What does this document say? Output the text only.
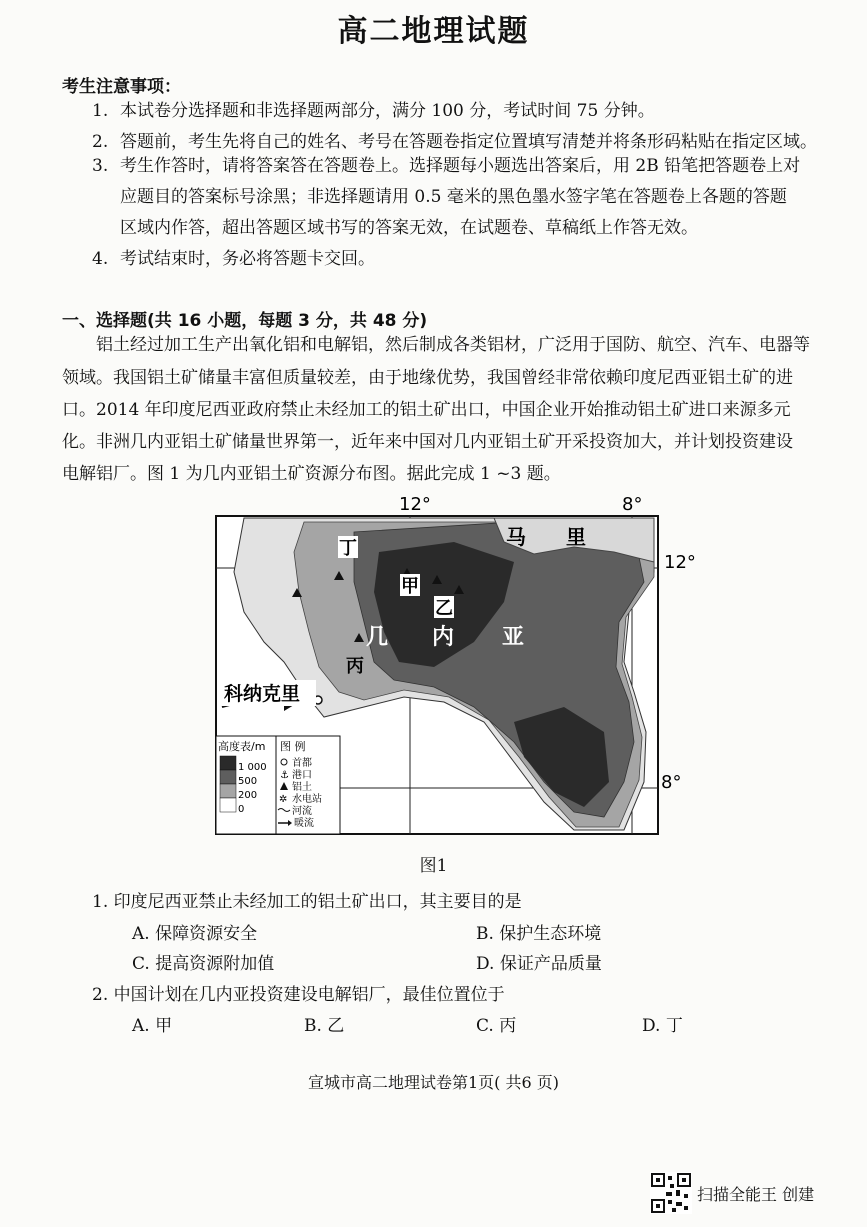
高二地理试题
考生注意事项：
1. 本试卷分选择题和非选择题两部分，满分 100 分，考试时间 75 分钟。
2. 答题前，考生先将自己的姓名、考号在答题卷指定位置填写清楚并将条形码粘贴在指定区域。
3. 考生作答时，请将答案答在答题卷上。选择题每小题选出答案后，用 2B 铅笔把答题卷上对
应题目的答案标号涂黑；非选择题请用 0.5 毫米的黑色墨水签字笔在答题卷上各题的答题
区域内作答，超出答题区域书写的答案无效，在试题卷、草稿纸上作答无效。
4. 考试结束时，务必将答题卡交回。
一、选择题(共 16 小题，每题 3 分，共 48 分)
　　铝土经过加工生产出氧化铝和电解铝，然后制成各类铝材，广泛用于国防、航空、汽车、电器等
领域。我国铝土矿储量丰富但质量较差，由于地缘优势，我国曾经非常依赖印度尼西亚铝土矿的进
口。2014 年印度尼西亚政府禁止未经加工的铝土矿出口，中国企业开始推动铝土矿进口来源多元
化。非洲几内亚铝土矿储量世界第一，近年来中国对几内亚铝土矿开采投资加大，并计划投资建设
电解铝厂。图 1 为几内亚铝土矿资源分布图。据此完成 1 ~3 题。
12°	8°
12°
8°
马 里
几 内 亚
甲
乙
丙
丁
科纳克里
高度表/m
1 000
500
200
0
图 例
首都
⚓ 港口
铝土
✲ 水电站
河流
暖流
图1
1. 印度尼西亚禁止未经加工的铝土矿出口，其主要目的是
A. 保障资源安全	B. 保护生态环境
C. 提高资源附加值	D. 保证产品质量
2. 中国计划在几内亚投资建设电解铝厂，最佳位置位于
A. 甲	B. 乙	C. 丙	D. 丁
宣城市高二地理试卷第1页( 共6 页)
扫描全能王 创建
